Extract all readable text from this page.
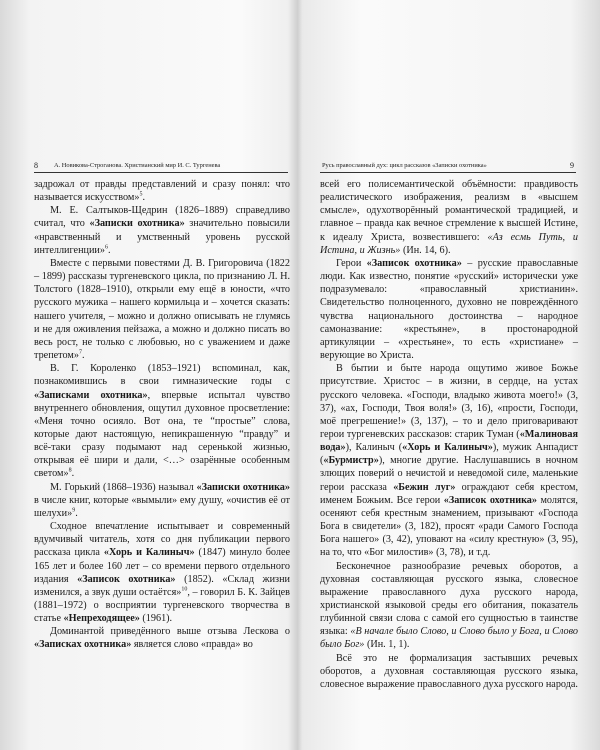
8	А. Новикова-Строганова. Христианский мир И. С. Тургенева

задрожал от правды представлений и сразу понял: что называется искусством»$^5$.

М. Е. Салтыков-Щедрин (1826–1889) справедливо считал, что «Записки охотника» значительно повысили «нравственный и умственный уровень русской интеллигенции»$^6$.

Вместе с первыми повестями Д. В. Григоровича (1822 – 1899) рассказы тургеневского цикла, по признанию Л. Н. Толстого (1828–1910), открыли ему ещё в юности, «что русского мужика – нашего кормильца и – хочется сказать: нашего учителя, – можно и должно описывать не глумясь и не для оживления пейзажа, а можно и должно писать во весь рост, не только с любовью, но с уважением и даже трепетом»$^7$.

В. Г. Короленко (1853–1921) вспоминал, как, познакомившись в свои гимназические годы с «Записками охотника», впервые испытал чувство внутреннего обновления, ощутил духовное просветление: «Меня точно осияло. Вот она, те “простые” слова, которые дают настоящую, непикрашенную “правду” и всё-таки сразу подымают над серенькой жизнью, открывая её шири и дали, <…> озарённые особенным светом»$^8$.

М. Горький (1868–1936) называл «Записки охотника» в числе книг, которые «вымыли» ему душу, «очистив её от шелухи»$^9$.

Сходное впечатление испытывает и современный вдумчивый читатель, хотя со дня публикации первого рассказа цикла «Хорь и Калиныч» (1847) минуло более 165 лет и более 160 лет – со времени первого отдельного издания «Записок охотника» (1852). «Склад жизни изменился, а звук души остаётся»$^{10}$, – говорил Б. К. Зайцев (1881–1972) о восприятии тургеневского творчества в статье «Непреходящее» (1961).

Доминантой приведённого выше отзыва Лескова о «Записках охотника» является слово «правда» во

Русь православный дух: цикл рассказов «Записки охотника»	9

всей его полисемантической объёмности: правдивость реалистического изображения, реализм в «высшем смысле», одухотворённый романтической традицией, и главное – правда как вечное стремление к высшей Истине, к идеалу Христа, возвестившего: «Аз есмь Путь, и Истина, и Жизнь» (Ин. 14, 6).

Герои «Записок охотника» – русские православные люди. Как известно, понятие «русский» исторически уже подразумевало: «православный христианин». Свидетельство полноценного, духовно не повреждённого чувства национального достоинства – народное самоназвание: «крестьяне», в простонародной артикуляции – «хрестьяне», то есть «христиане» – верующие во Христа.

В бытии и быте народа ощутимо живое Божье присутствие. Христос – в жизни, в сердце, на устах русского человека. «Господи, владыко живота моего!» (3, 37), «ах, Господи, Твоя воля!» (3, 16), «прости, Господи, моё прегрешение!» (3, 137), – то и дело приговаривают герои тургеневских рассказов: старик Туман («Малиновая вода»), Калиныч («Хорь и Калиныч»), мужик Анпадист («Бурмистр»), многие другие. Наслушавшись в ночном злющих поверий о нечистой и неведомой силе, маленькие герои рассказа «Бежин луг» ограждают себя крестом, именем Божьим. Все герои «Записок охотника» молятся, осеняют себя крестным знамением, призывают «Господа Бога в свидетели» (3, 182), просят «ради Самого Господа Бога нашего» (3, 42), уповают на «силу крестную» (3, 95), на то, что «Бог милостив» (3, 78), и т.д.

Бесконечное разнообразие речевых оборотов, а духовная составляющая русского языка, словесное выражение православного духа русского народа, христианской языковой среды его обитания, показатель глубинной связи слова с самой его сущностью в таинстве языка: «В начале было Слово, и Слово было у Бога, и Слово было Бог» (Ин. 1, 1).

Всё это не формализация застывших речевых оборотов, а духовная составляющая русского языка, словесное выражение православного духа русского народа.
